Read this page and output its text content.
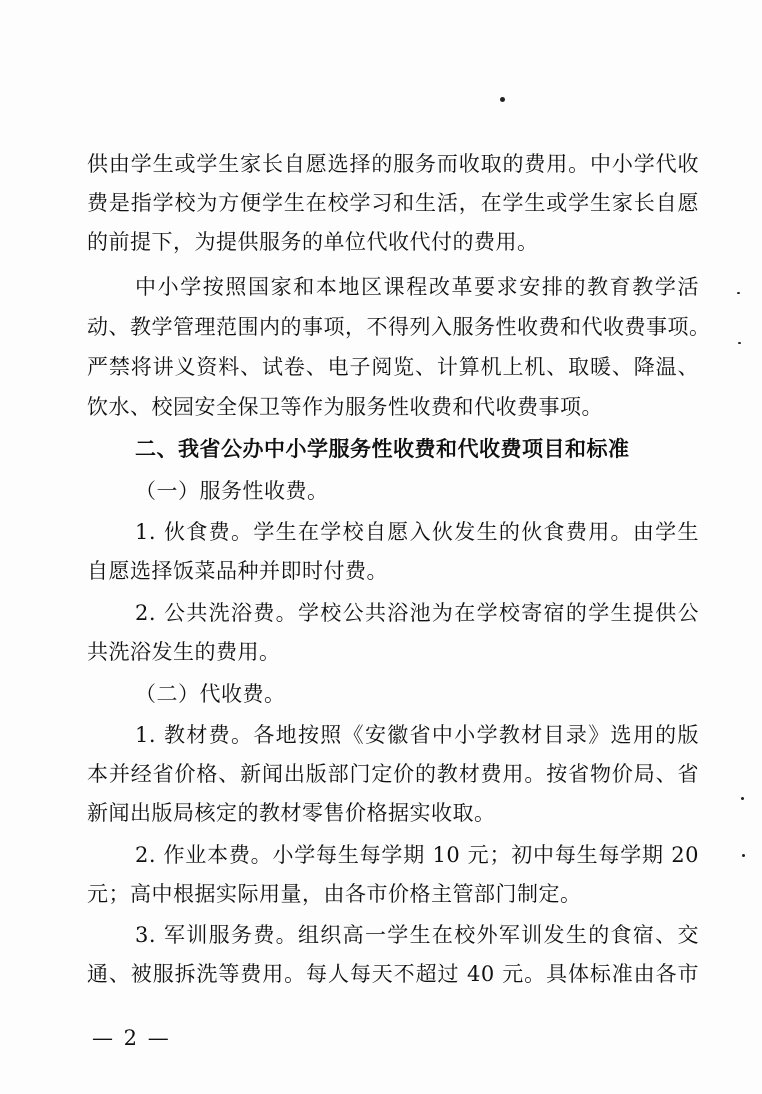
供由学生或学生家长自愿选择的服务而收取的费用。中小学代收
费是指学校为方便学生在校学习和生活，在学生或学生家长自愿
的前提下，为提供服务的单位代收代付的费用。
中小学按照国家和本地区课程改革要求安排的教育教学活
动、教学管理范围内的事项，不得列入服务性收费和代收费事项。
严禁将讲义资料、试卷、电子阅览、计算机上机、取暖、降温、
饮水、校园安全保卫等作为服务性收费和代收费事项。
二、我省公办中小学服务性收费和代收费项目和标准
（一）服务性收费。
1. 伙食费。学生在学校自愿入伙发生的伙食费用。由学生
自愿选择饭菜品种并即时付费。
2. 公共洗浴费。学校公共浴池为在学校寄宿的学生提供公
共洗浴发生的费用。
（二）代收费。
1. 教材费。各地按照《安徽省中小学教材目录》选用的版
本并经省价格、新闻出版部门定价的教材费用。按省物价局、省
新闻出版局核定的教材零售价格据实收取。
2. 作业本费。小学每生每学期 10 元；初中每生每学期 20
元；高中根据实际用量，由各市价格主管部门制定。
3. 军训服务费。组织高一学生在校外军训发生的食宿、交
通、被服拆洗等费用。每人每天不超过 40 元。具体标准由各市
— 2 —
